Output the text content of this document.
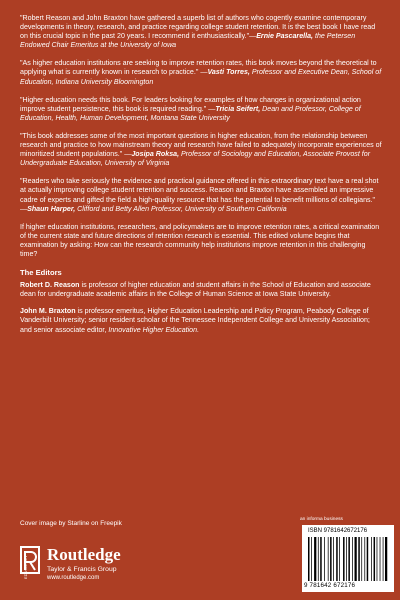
"Robert Reason and John Braxton have gathered a superb list of authors who cogently examine contemporary developments in theory, research, and practice regarding college student retention. It is the best book I have read on this crucial topic in the past 20 years. I recommend it enthusiastically."—Ernie Pascarella, the Petersen Endowed Chair Emeritus at the University of Iowa

"As higher education institutions are seeking to improve retention rates, this book moves beyond the theoretical to applying what is currently known in research to practice." —Vasti Torres, Professor and Executive Dean, School of Education, Indiana University Bloomington

"Higher education needs this book. For leaders looking for examples of how changes in organizational action improve student persistence, this book is required reading." —Tricia Seifert, Dean and Professor, College of Education, Health, Human Development, Montana State University

"This book addresses some of the most important questions in higher education, from the relationship between research and practice to how mainstream theory and research have failed to adequately incorporate experiences of minoritized student populations." —Josipa Roksa, Professor of Sociology and Education, Associate Provost for Undergraduate Education, University of Virginia

"Readers who take seriously the evidence and practical guidance offered in this extraordinary text have a real shot at actually improving college student retention and success. Reason and Braxton have assembled an impressive cadre of experts and gifted the field a high-quality resource that has the potential to benefit millions of collegians." —Shaun Harper, Clifford and Betty Allen Professor, University of Southern California

If higher education institutions, researchers, and policymakers are to improve retention rates, a critical examination of the current state and future directions of retention research is essential. This edited volume begins that examination by asking: How can the research community help institutions improve retention in this challenging time?

The Editors

Robert D. Reason is professor of higher education and student affairs in the School of Education and associate dean for undergraduate academic affairs in the College of Human Science at Iowa State University.

John M. Braxton is professor emeritus, Higher Education Leadership and Policy Program, Peabody College of Vanderbilt University; senior resident scholar of the Tennessee Independent College and University Association; and senior associate editor, Innovative Higher Education.

Cover image by Starline on Freepik
EDUCATION
Routledge
Taylor & Francis Group
www.routledge.com
an informa business
ISBN 9781642672176
9 781642 672176
